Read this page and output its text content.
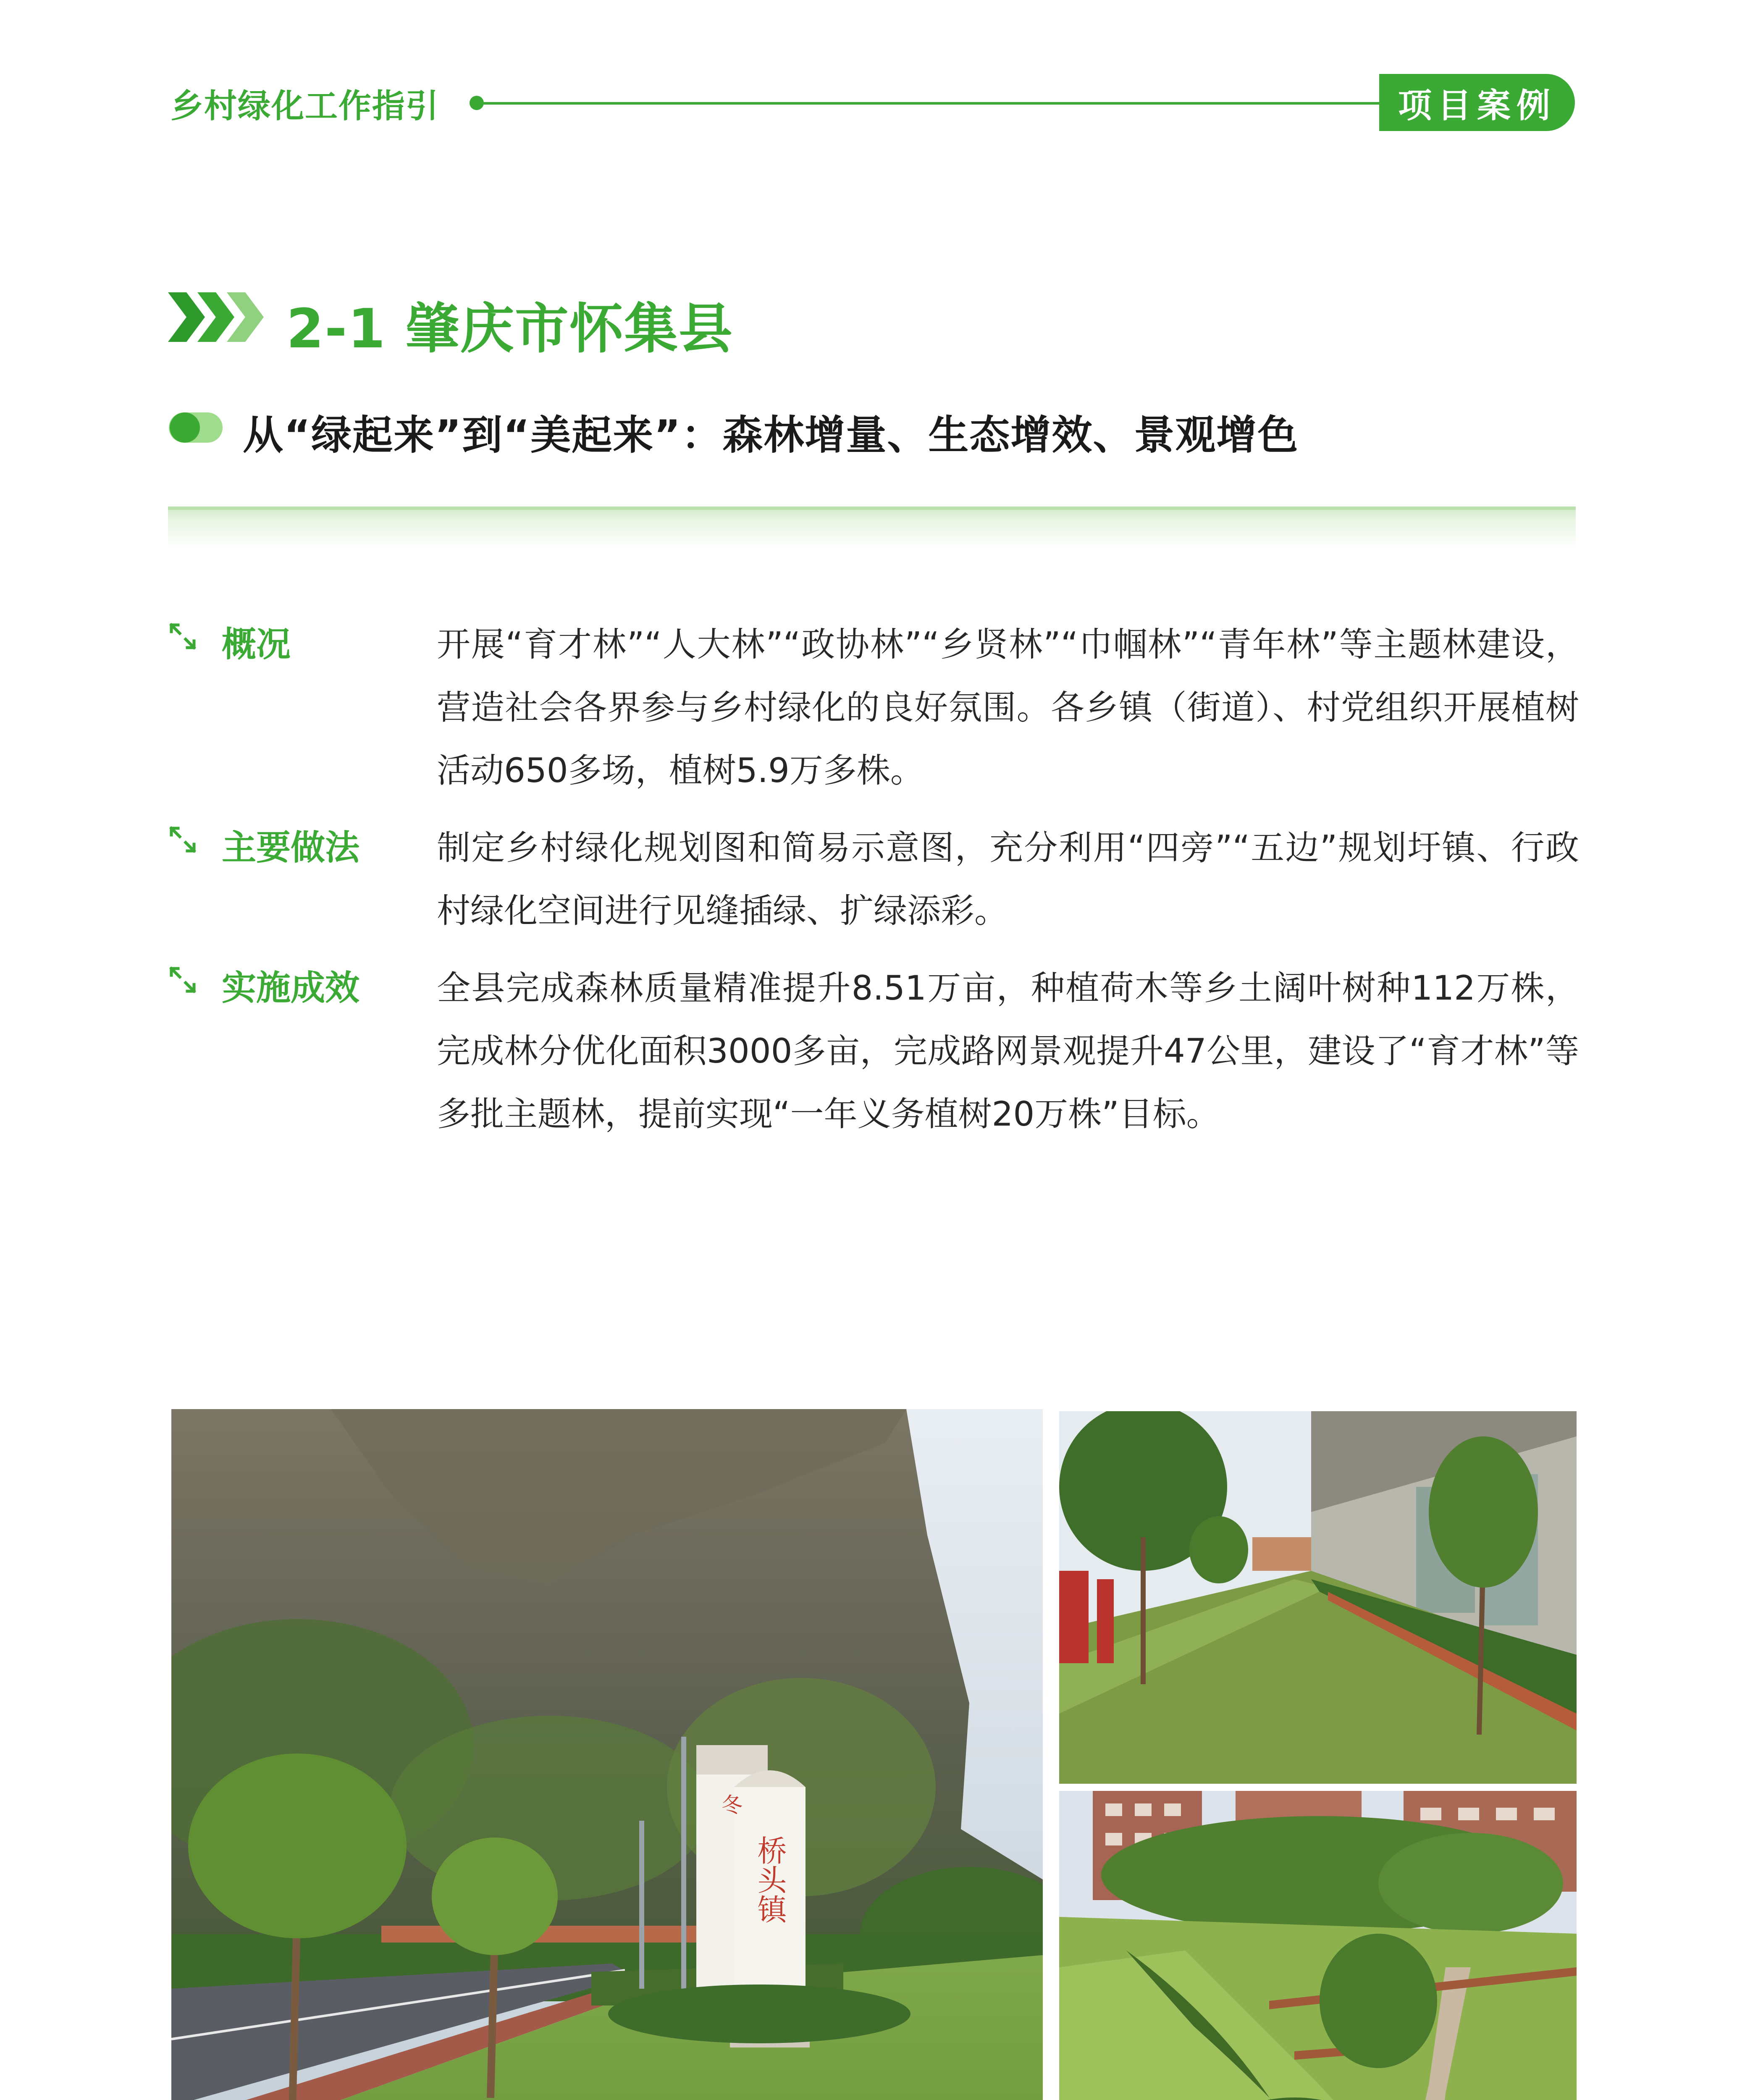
乡村绿化工作指引	项目案例
2-1 肇庆市怀集县
从“绿起来”到“美起来”：森林增量、生态增效、景观增色
概况	开展“育才林”“人大林”“政协林”“乡贤林”“巾帼林”“青年林”等主题林建设，营造社会各界参与乡村绿化的良好氛围。各乡镇（街道）、村党组织开展植树活动650多场，植树5.9万多株。
主要做法 制定乡村绿化规划图和简易示意图，充分利用“四旁”“五边”规划圩镇、行政村绿化空间进行见缝插绿、扩绿添彩。
实施成效 全县完成森林质量精准提升8.51万亩，种植荷木等乡土阔叶树种112万株，完成林分优化面积3000多亩，完成路网景观提升47公里，建设了“育才林”等多批主题林，提前实现“一年义务植树20万株”目标。
桥头镇
冬
